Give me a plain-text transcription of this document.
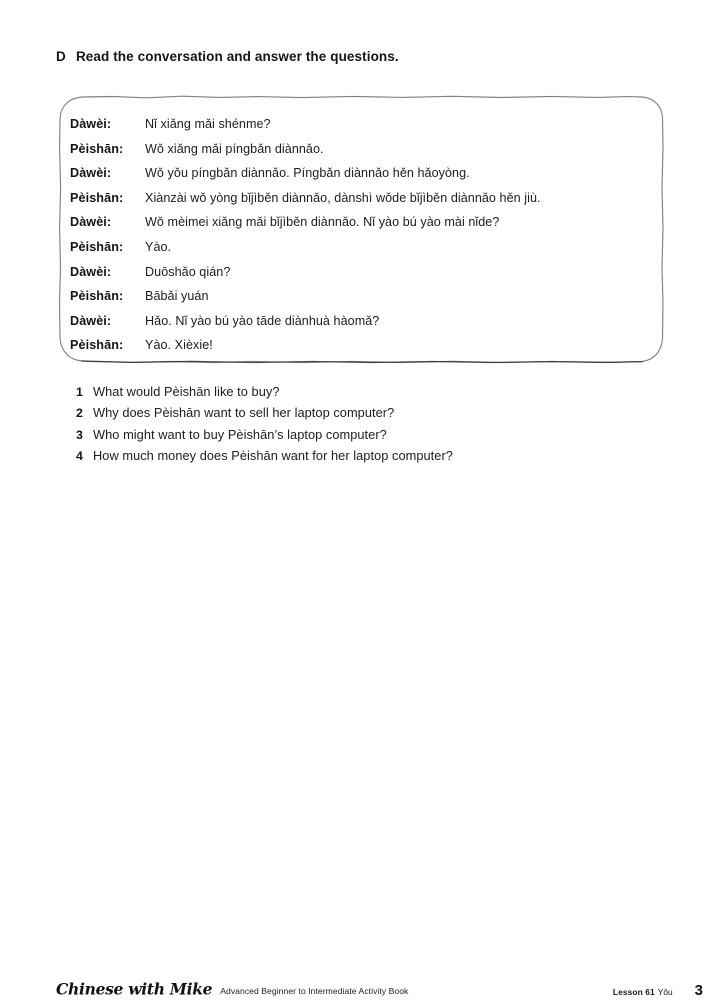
D Read the conversation and answer the questions.
Dàwèi:	Nǐ xiǎng mǎi shénme?
Pèishān:	Wǒ xiǎng mǎi píngbǎn diànnǎo.
Dàwèi:	Wǒ yǒu píngbǎn diànnǎo. Píngbǎn diànnǎo hěn hǎoyòng.
Pèishān:	Xiànzài wǒ yòng bǐjìběn diànnǎo, dànshì wǒde bǐjìběn diànnǎo hěn jiù.
Dàwèi:	Wǒ mèimei xiǎng mǎi bǐjìběn diànnǎo. Nǐ yào bú yào mài nǐde?
Pèishān:	Yào.
Dàwèi:	Duōshǎo qián?
Pèishān:	Bābǎi yuán
Dàwèi:	Hǎo. Nǐ yào bú yào tāde diànhuà hàomǎ?
Pèishān:	Yào. Xièxie!
1 What would Pèishān like to buy?
2 Why does Pèishān want to sell her laptop computer?
3 Who might want to buy Pèishān’s laptop computer?
4 How much money does Pèishān want for her laptop computer?
Chinese with Mike Advanced Beginner to Intermediate Activity Book	Lesson 61 Yǒu 3
